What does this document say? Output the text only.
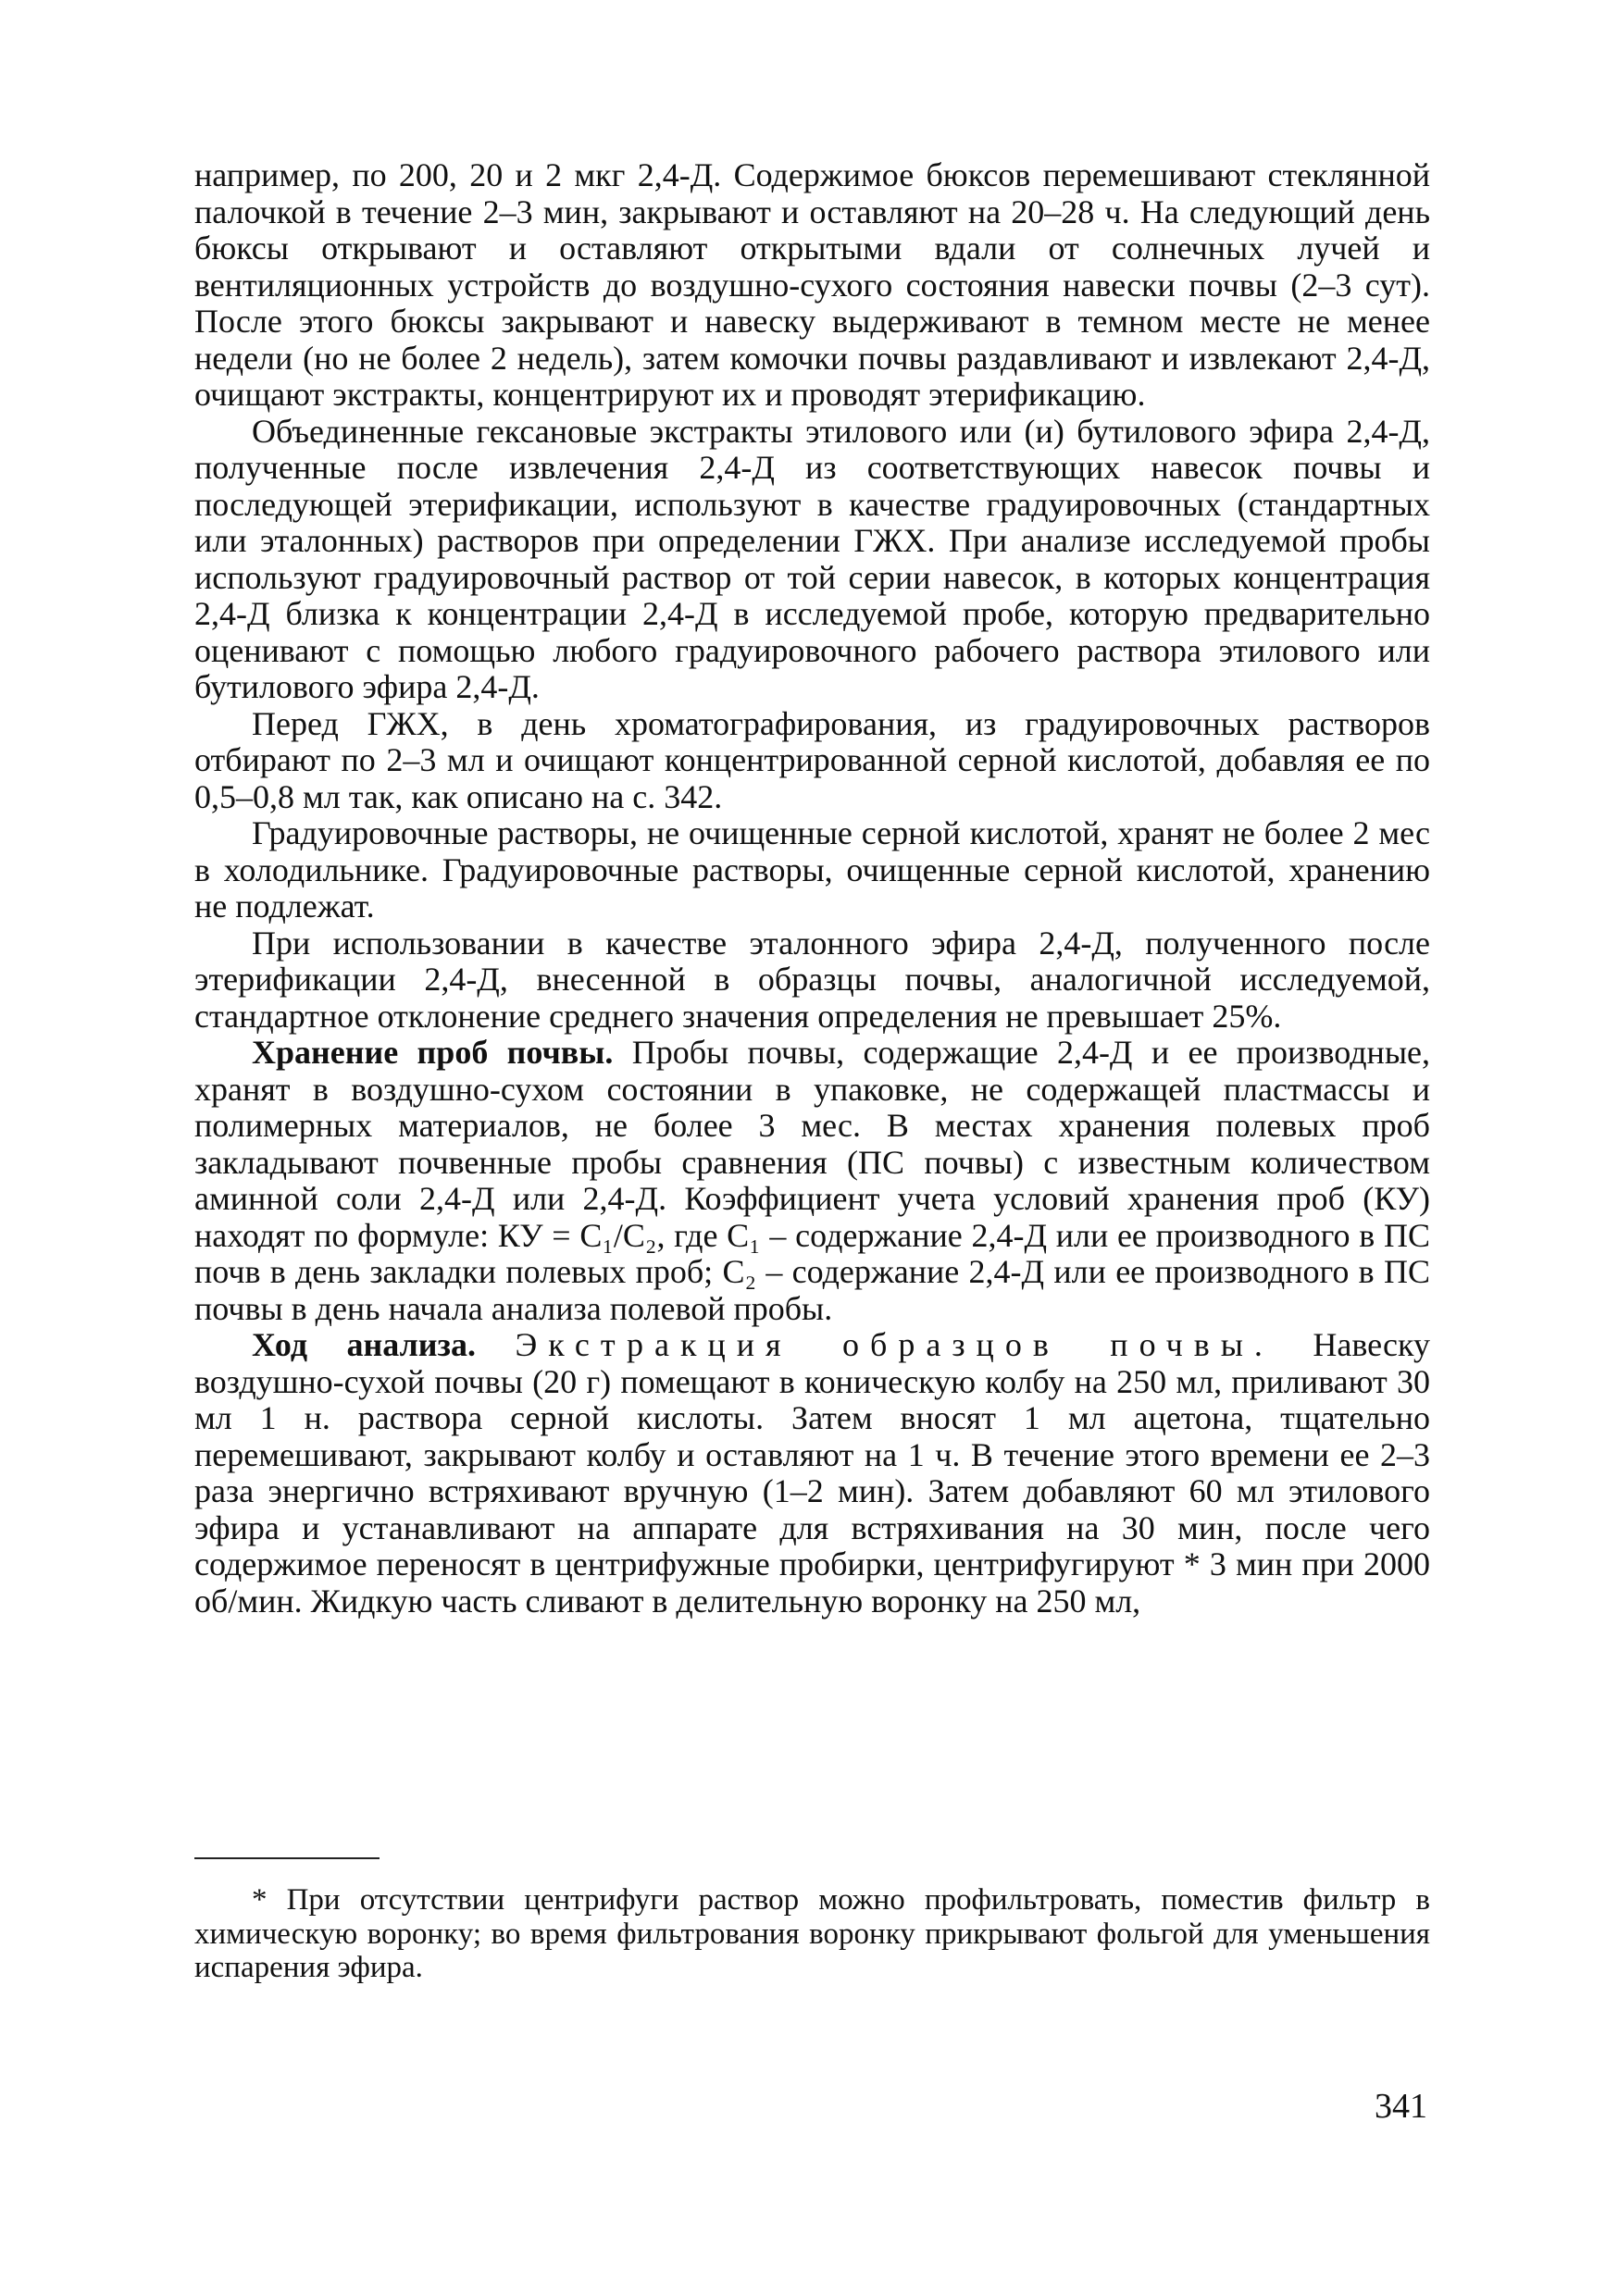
например, по 200, 20 и 2 мкг 2,4-Д. Содержимое бюксов перемешивают стеклянной палочкой в течение 2–3 мин, закрывают и оставляют на 20–28 ч. На следующий день бюксы открывают и оставляют открытыми вдали от солнечных лучей и вентиляционных устройств до воздушно-сухого состояния навески почвы (2–3 сут). После этого бюксы закрывают и навеску выдерживают в темном месте не менее недели (но не более 2 недель), затем комочки почвы раздавливают и извлекают 2,4-Д, очищают экстракты, концентрируют их и проводят этерификацию.

Объединенные гексановые экстракты этилового или (и) бутилового эфира 2,4-Д, полученные после извлечения 2,4-Д из соответствующих навесок почвы и последующей этерификации, используют в качестве градуировочных (стандартных или эталонных) растворов при определении ГЖХ. При анализе исследуемой пробы используют градуировочный раствор от той серии навесок, в которых концентрация 2,4-Д близка к концентрации 2,4-Д в исследуемой пробе, которую предварительно оценивают с помощью любого градуировочного рабочего раствора этилового или бутилового эфира 2,4-Д.

Перед ГЖХ, в день хроматографирования, из градуировочных растворов отбирают по 2–3 мл и очищают концентрированной серной кислотой, добавляя ее по 0,5–0,8 мл так, как описано на с. 342.

Градуировочные растворы, не очищенные серной кислотой, хранят не более 2 мес в холодильнике. Градуировочные растворы, очищенные серной кислотой, хранению не подлежат.

При использовании в качестве эталонного эфира 2,4-Д, полученного после этерификации 2,4-Д, внесенной в образцы почвы, аналогичной исследуемой, стандартное отклонение среднего значения определения не превышает 25%.

Хранение проб почвы. Пробы почвы, содержащие 2,4-Д и ее производные, хранят в воздушно-сухом состоянии в упаковке, не содержащей пластмассы и полимерных материалов, не более 3 мес. В местах хранения полевых проб закладывают почвенные пробы сравнения (ПС почвы) с известным количеством аминной соли 2,4-Д или 2,4-Д. Коэффициент учета условий хранения проб (КУ) находят по формуле: КУ = C₁/C₂, где C₁ – содержание 2,4-Д или ее производного в ПС почв в день закладки полевых проб; C₂ – содержание 2,4-Д или ее производного в ПС почвы в день начала анализа полевой пробы.

Ход анализа. Экстракция образцов почвы. Навеску воздушно-сухой почвы (20 г) помещают в коническую колбу на 250 мл, приливают 30 мл 1 н. раствора серной кислоты. Затем вносят 1 мл ацетона, тщательно перемешивают, закрывают колбу и оставляют на 1 ч. В течение этого времени ее 2–3 раза энергично встряхивают вручную (1–2 мин). Затем добавляют 60 мл этилового эфира и устанавливают на аппарате для встряхивания на 30 мин, после чего содержимое переносят в центрифужные пробирки, центрифугируют * 3 мин при 2000 об/мин. Жидкую часть сливают в делительную воронку на 250 мл,

* При отсутствии центрифуги раствор можно профильтровать, поместив фильтр в химическую воронку; во время фильтрования воронку прикрывают фольгой для уменьшения испарения эфира.

341
